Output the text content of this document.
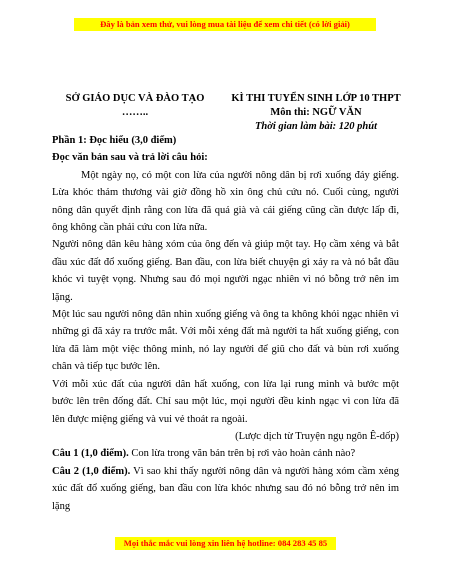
Đây là bản xem thử, vui lòng mua tài liệu để xem chi tiết (có lời giải)
SỞ GIÁO DỤC VÀ ĐÀO TẠO
……..
KÌ THI TUYỂN SINH LỚP 10 THPT
Môn thi: NGỮ VĂN
Thời gian làm bài: 120 phút

Phần 1: Đọc hiểu (3,0 điểm)

Đọc văn bản sau và trả lời câu hỏi:

Một ngày nọ, có một con lừa của người nông dân bị rơi xuống đáy giếng. Lừa khóc thảm thương vài giờ đồng hồ xin ông chủ cứu nó. Cuối cùng, người nông dân quyết định rằng con lừa đã quá già và cái giếng cũng cần được lấp đi, ông không cần phải cứu con lừa nữa.

Người nông dân kêu hàng xóm của ông đến và giúp một tay. Họ cầm xẻng và bắt đầu xúc đất đổ xuống giếng. Ban đầu, con lừa biết chuyện gì xảy ra và nó bắt đầu khóc vì tuyệt vọng. Nhưng sau đó mọi người ngạc nhiên vì nó bỗng trở nên im lặng.

Một lúc sau người nông dân nhìn xuống giếng và ông ta không khỏi ngạc nhiên vì những gì đã xảy ra trước mắt. Với mỗi xẻng đất mà người ta hất xuống giếng, con lừa đã làm một việc thông minh, nó lay người để giũ cho đất và bùn rơi xuống chân và tiếp tục bước lên.

Với mỗi xúc đất của người dân hất xuống, con lừa lại rung mình và bước một bước lên trên đống đất. Chỉ sau một lúc, mọi người đều kinh ngạc vì con lừa đã lên được miệng giếng và vui vẻ thoát ra ngoài.

(Lược dịch từ Truyện ngụ ngôn Ê-dốp)

Câu 1 (1,0 điểm). Con lừa trong văn bản trên bị rơi vào hoàn cảnh nào?

Câu 2 (1,0 điểm). Vì sao khi thấy người nông dân và người hàng xóm cầm xẻng xúc đất đổ xuống giếng, ban đầu con lừa khóc nhưng sau đó nó bỗng trở nên im lặng

Mọi thắc mắc vui lòng xin liên hệ hotline: 084 283 45 85
